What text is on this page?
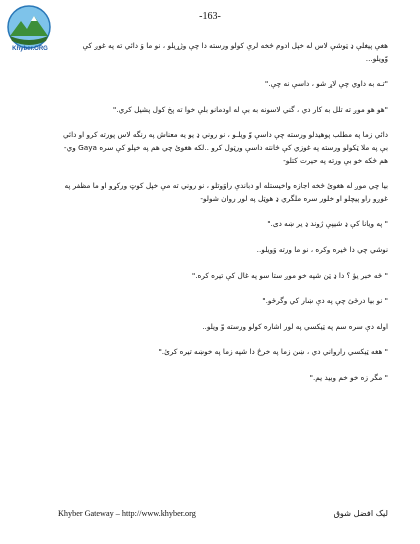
Khyber.ORG
-163-

هغې پيغلې ډ ټوشې لاس له خپل ادوم څخه لرې کولو ورسته دا چې وژړيلو ، نو ما وَ دائي ته په غوږ کې وّويلو...

"تـه به داوي چې لاړ شو ، داسې نه چې."

"هو هو موږ ته تلل به کار دي ، گني لاسونه به بې له اودمانو بلې خوا ته پخ کول پشيل کري."

دائي زما په مطلب پوهيدلو ورسته چې داسې وّ ويلـو ، نو روني ډ يو يه معناش په رنگه لاس پورته کرو او دائي بې په ملا ټکولو ورسته په غوزي کې څانته داسې ورټول کرو ..لکه هغوئ چي هم په خپلو کې سره Gaya وي-هم څکه خو بې ورته په حيرت کتلو-

بيا چي موږ له هغوئ څخه اجازه واخيستله او دباندې راوَوتلو ، نو روني ته مې خپل کوټ ورکړو او ما مظفر په غوږو راو پيچلو او خلور سره ملگري ډ هوټل په لور روان شولو-

" په ويانا کې ډ شيپې ژوند ډ ير ښه دی."

نوشي چي دا څيره وکره ، نو ما ورته وَويلو..

" څه خبر يؤ ؟ دا ډ ټن شپه خو موږ ستا سو په غال کې تيره کره."

" نو بيا درځئ چې په دې ښار کي وگرځو."

اوله دې سره سم په ټيکسي په لور اشاره کولو ورسته وّ ويلو..

" هغه ټيکسي رارواني دي ، ښن زما په خرڅ دا شپه زما په خوښه تيره کرئ."

" مگر زه خو خم وبيد يم."

Khyber Gateway – http://www.khyber.org	ليک افضل شوق
